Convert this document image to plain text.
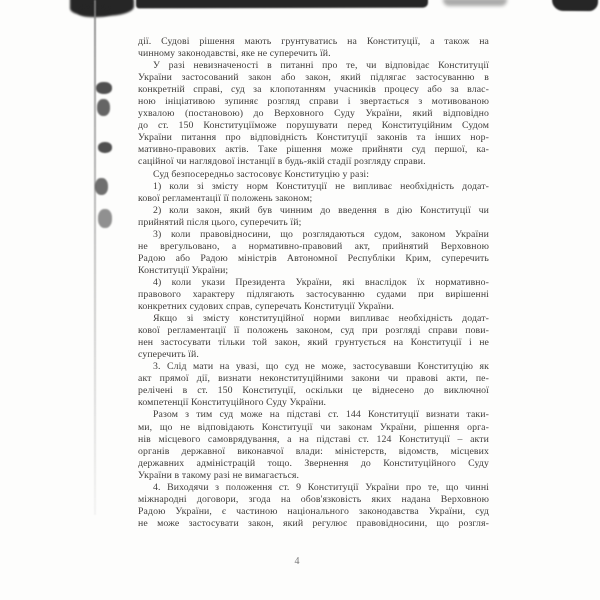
дії. Судові рішення мають грунтуватись на Конституції, а також на
чинному законодавстві, яке не суперечить їй.
У разі невизначеності в питанні про те, чи відповідає Конституції
України застосований закон або закон, який підлягає застосуванню в
конкретній справі, суд за клопотанням учасників процесу або за влас-
ною ініціативою зупиняє розгляд справи і звертається з мотивованою
ухвалою (постановою) до Верховного Суду України, який відповідно
до ст. 150 Конституціїможе порушувати перед Конституційним Судом
України питання про відповідність Конституції законів та інших нор-
мативно-правових актів. Таке рішення може прийняти суд першої, ка-
саційної чи наглядової інстанції в будь-якій стадії розгляду справи.
Суд безпосередньо застосовує Конституцію у разі:
1) коли зі змісту норм Конституції не випливає необхідність додат-
кової регламентації її положень законом;
2) коли закон, який був чинним до введення в дію Конституції чи
прийнятий після цього, суперечить їй;
3) коли правовідносини, що розглядаються судом, законом України
не врегульовано, а нормативно-правовий акт, прийнятий Верховною
Радою або Радою міністрів Автономної Республіки Крим, суперечить
Конституції України;
4) коли укази Президента України, які внаслідок їх нормативно-
правового характеру підлягають застосуванню судами при вирішенні
конкретних судових справ, суперечать Конституції України.
Якщо зі змісту конституційної норми випливає необхідність додат-
кової регламентації її положень законом, суд при розгляді справи пови-
нен застосувати тільки той закон, який грунтується на Конституції і не
суперечить їй.
3. Слід мати на увазі, що суд не може, застосувавши Конституцію як
акт прямої дії, визнати неконституційними закони чи правові акти, пе-
релічені в ст. 150 Конституції, оскільки це віднесено до виключної
компетенції Конституційного Суду України.
Разом з тим суд може на підставі ст. 144 Конституції визнати таки-
ми, що не відповідають Конституції чи законам України, рішення орга-
нів місцевого самоврядування, а на підставі ст. 124 Конституції – акти
органів державної виконавчої влади: міністерств, відомств, місцевих
державних адміністрацій тощо. Звернення до Конституційного Суду
України в такому разі не вимагається.
4. Виходячи з положення ст. 9 Конституції України про те, що чинні
міжнародні договори, згода на обов'язковість яких надана Верховною
Радою України, є частиною національного законодавства України, суд
не може застосувати закон, який регулює правовідносини, що розгля-
4
